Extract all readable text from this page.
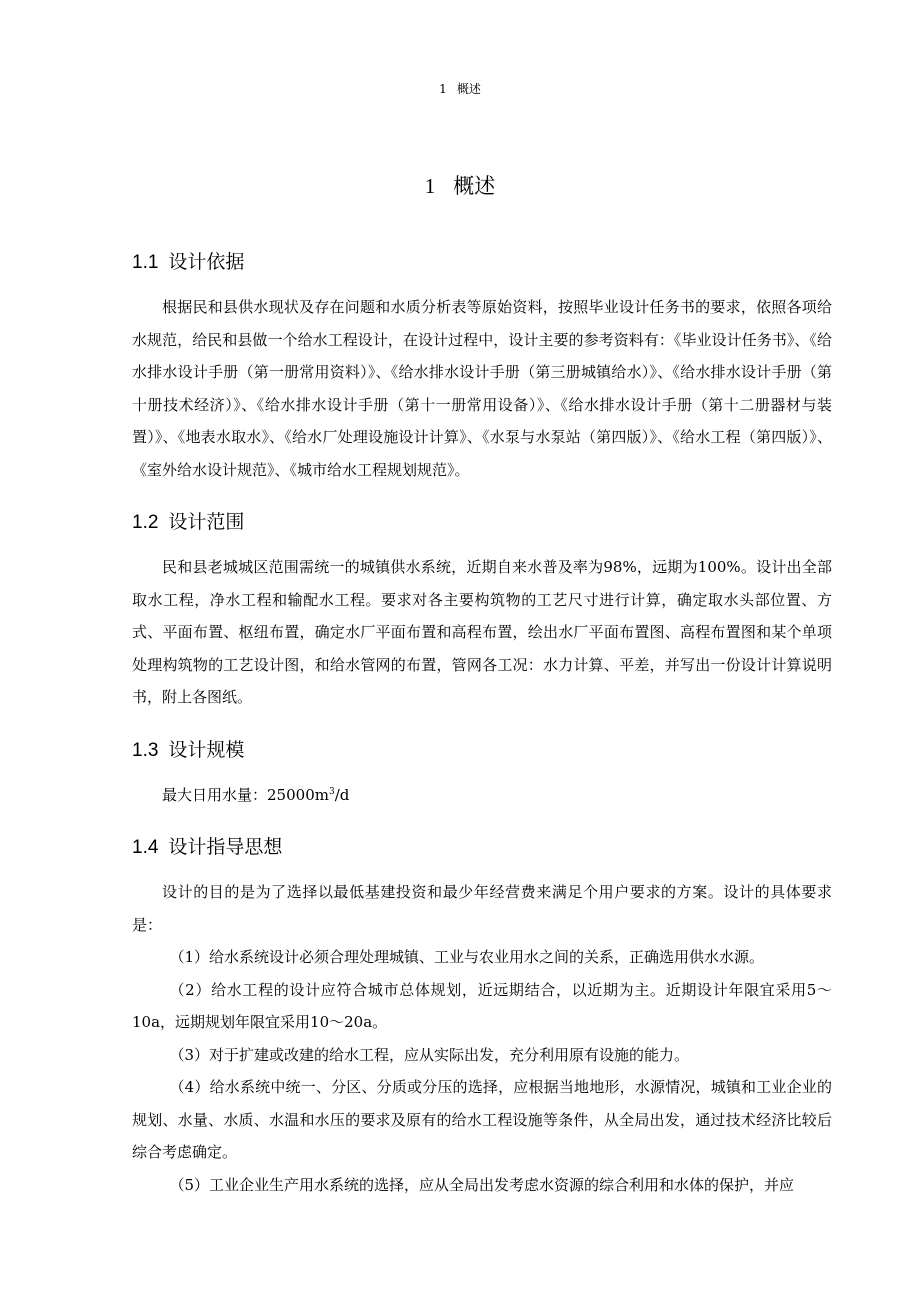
1 概述
1 概述
1.1 设计依据

根据民和县供水现状及存在问题和水质分析表等原始资料，按照毕业设计任务书的要求，依照各项给水规范，给民和县做一个给水工程设计，在设计过程中，设计主要的参考资料有：《毕业设计任务书》、《给水排水设计手册（第一册常用资料）》、《给水排水设计手册（第三册城镇给水）》、《给水排水设计手册（第十册技术经济）》、《给水排水设计手册（第十一册常用设备）》、《给水排水设计手册（第十二册器材与装置）》、《地表水取水》、《给水厂处理设施设计计算》、《水泵与水泵站（第四版）》、《给水工程（第四版）》、《室外给水设计规范》、《城市给水工程规划规范》。

1.2 设计范围

民和县老城城区范围需统一的城镇供水系统，近期自来水普及率为98%，远期为100%。设计出全部取水工程，净水工程和输配水工程。要求对各主要构筑物的工艺尺寸进行计算，确定取水头部位置、方式、平面布置、枢纽布置，确定水厂平面布置和高程布置，绘出水厂平面布置图、高程布置图和某个单项处理构筑物的工艺设计图，和给水管网的布置，管网各工况：水力计算、平差，并写出一份设计计算说明书，附上各图纸。

1.3 设计规模

最大日用水量：$25000m^3/d$

1.4 设计指导思想

设计的目的是为了选择以最低基建投资和最少年经营费来满足个用户要求的方案。设计的具体要求是：

（1）给水系统设计必须合理处理城镇、工业与农业用水之间的关系，正确选用供水水源。

（2）给水工程的设计应符合城市总体规划，近远期结合，以近期为主。近期设计年限宜采用5～10a，远期规划年限宜采用10～20a。

（3）对于扩建或改建的给水工程，应从实际出发，充分利用原有设施的能力。

（4）给水系统中统一、分区、分质或分压的选择，应根据当地地形，水源情况，城镇和工业企业的规划、水量、水质、水温和水压的要求及原有的给水工程设施等条件，从全局出发，通过技术经济比较后综合考虑确定。

（5）工业企业生产用水系统的选择，应从全局出发考虑水资源的综合利用和水体的保护，并应
